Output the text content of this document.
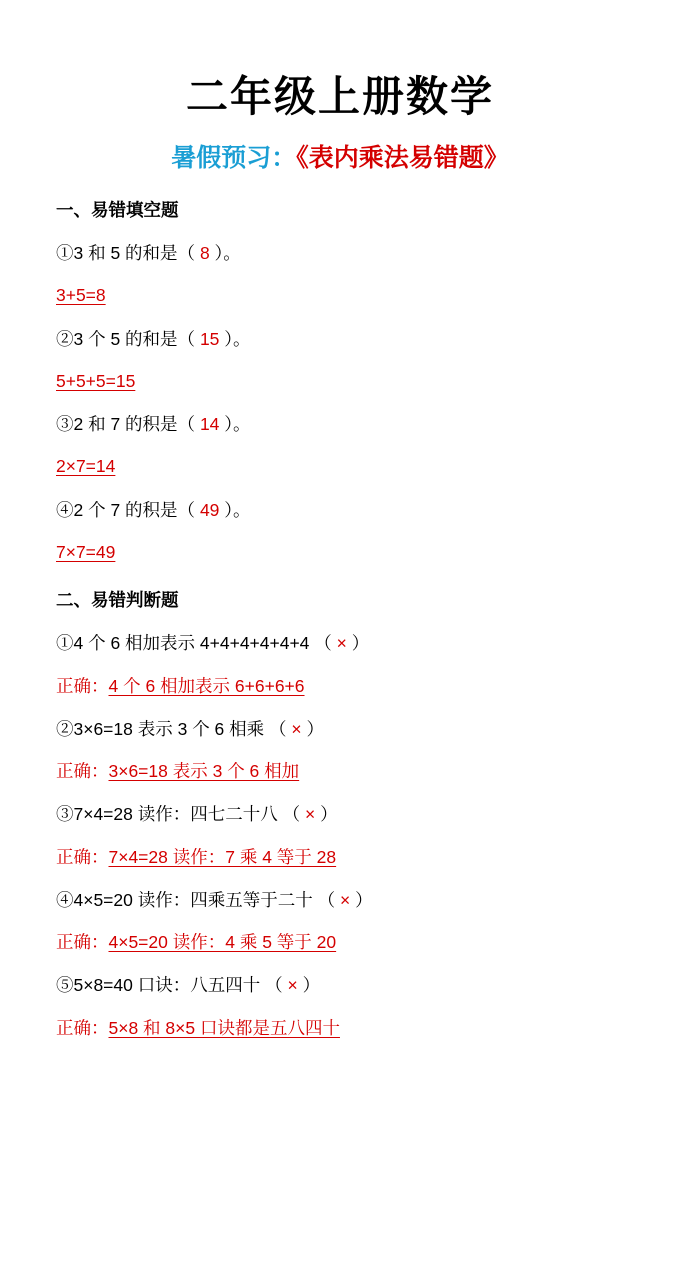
二年级上册数学
暑假预习：《表内乘法易错题》
一、易错填空题
①3 和 5 的和是（ 8 ）。
3+5=8
②3 个 5 的和是（ 15 ）。
5+5+5=15
③2 和 7 的积是（ 14 ）。
2×7=14
④2 个 7 的积是（ 49 ）。
7×7=49
二、易错判断题
①4 个 6 相加表示 4+4+4+4+4+4 （ × ）
正确：4 个 6 相加表示 6+6+6+6
②3×6=18 表示 3 个 6 相乘 （ × ）
正确：3×6=18 表示 3 个 6 相加
③7×4=28 读作：四七二十八 （ × ）
正确：7×4=28 读作：7 乘 4 等于 28
④4×5=20 读作：四乘五等于二十 （ × ）
正确：4×5=20 读作：4 乘 5 等于 20
⑤5×8=40 口诀：八五四十 （ × ）
正确：5×8 和 8×5 口诀都是五八四十
